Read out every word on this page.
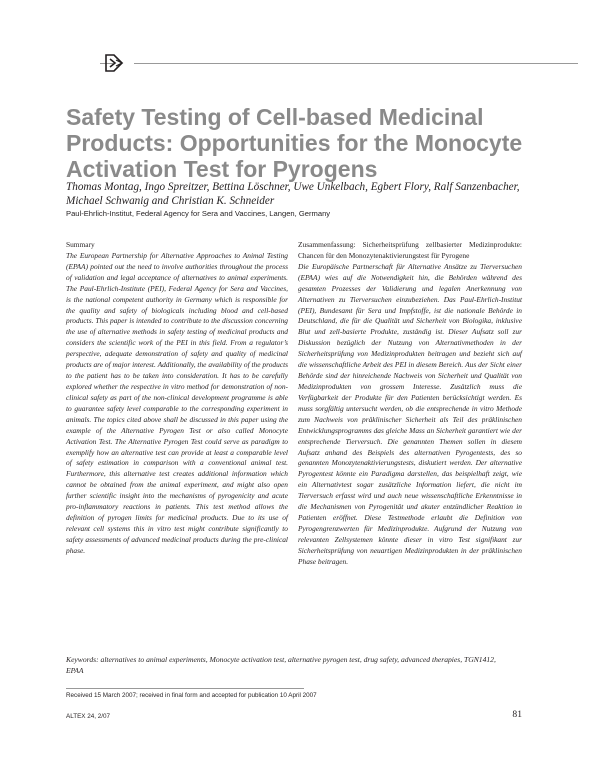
Safety Testing of Cell-based Medicinal Products: Opportunities for the Monocyte Activation Test for Pyrogens
Thomas Montag, Ingo Spreitzer, Bettina Löschner, Uwe Unkelbach, Egbert Flory, Ralf Sanzenbacher, Michael Schwanig and Christian K. Schneider
Paul-Ehrlich-Institut, Federal Agency for Sera and Vaccines, Langen, Germany

Summary

The European Partnership for Alternative Approaches to Animal Testing (EPAA) pointed out the need to involve authorities throughout the process of validation and legal acceptance of alternatives to animal experiments. The Paul-Ehrlich-Institute (PEI), Federal Agency for Sera and Vaccines, is the national competent authority in Germany which is responsible for the quality and safety of biologicals including blood and cell-based products. This paper is intended to contribute to the discussion concerning the use of alternative methods in safety testing of medicinal products and considers the scientific work of the PEI in this field. From a regulator’s perspective, adequate demonstration of safety and quality of medicinal products are of major interest. Additionally, the availability of the products to the patient has to be taken into consideration. It has to be carefully explored whether the respective in vitro method for demonstration of non-clinical safety as part of the non-clinical development programme is able to guarantee safety level comparable to the corresponding experiment in animals. The topics cited above shall be discussed in this paper using the example of the Alternative Pyrogen Test or also called Monocyte Activation Test. The Alternative Pyrogen Test could serve as paradigm to exemplify how an alternative test can provide at least a comparable level of safety estimation in comparison with a conventional animal test. Furthermore, this alternative test creates additional information which cannot be obtained from the animal experiment, and might also open further scientific insight into the mechanisms of pyrogenicity and acute pro-inflammatory reactions in patients. This test method allows the definition of pyrogen limits for medicinal products. Due to its use of relevant cell systems this in vitro test might contribute significantly to safety assessments of advanced medicinal products during the pre-clinical phase.

Zusammenfassung: Sicherheitsprüfung zellbasierter Medizinprodukte: Chancen für den Monozytenaktivierungstest für Pyrogene

Die Europäische Partnerschaft für Alternative Ansätze zu Tierversuchen (EPAA) wies auf die Notwendigkeit hin, die Behörden während des gesamten Prozesses der Validierung und legalen Anerkennung von Alternativen zu Tierversuchen einzubeziehen. Das Paul-Ehrlich-Institut (PEI), Bundesamt für Sera und Impfstoffe, ist die nationale Behörde in Deutschland, die für die Qualität und Sicherheit von Biologika, inklusive Blut und zell-basierte Produkte, zuständig ist. Dieser Aufsatz soll zur Diskussion bezüglich der Nutzung von Alternativmethoden in der Sicherheitsprüfung von Medizinprodukten beitragen und bezieht sich auf die wissenschaftliche Arbeit des PEI in diesem Bereich. Aus der Sicht einer Behörde sind der hinreichende Nachweis von Sicherheit und Qualität von Medizinprodukten von grossem Interesse. Zusätzlich muss die Verfügbarkeit der Produkte für den Patienten berücksichtigt werden. Es muss sorgfältig untersucht werden, ob die entsprechende in vitro Methode zum Nachweis von präklinischer Sicherheit als Teil des präklinischen Entwicklungsprogramms das gleiche Mass an Sicherheit garantiert wie der entsprechende Tierversuch. Die genannten Themen sollen in diesem Aufsatz anhand des Beispiels des alternativen Pyrogentests, des so genannten Monozytenaktivierungstests, diskutiert werden. Der alternative Pyrogentest könnte ein Paradigma darstellen, das beispielhaft zeigt, wie ein Alternativtest sogar zusätzliche Information liefert, die nicht im Tierversuch erfasst wird und auch neue wissenschaftliche Erkenntnisse in die Mechanismen von Pyrogenität und akuter entzündlicher Reaktion in Patienten eröffnet. Diese Testmethode erlaubt die Definition von Pyrogengrenzwerten für Medizinprodukte. Aufgrund der Nutzung von relevanten Zellsystemen könnte dieser in vitro Test signifikant zur Sicherheitsprüfung von neuartigen Medizinprodukten in der präklinischen Phase beitragen.

Keywords: alternatives to animal experiments, Monocyte activation test, alternative pyrogen test, drug safety, advanced therapies, TGN1412, EPAA
Received 15 March 2007; received in final form and accepted for publication 10 April 2007
ALTEX 24, 2/07	81
